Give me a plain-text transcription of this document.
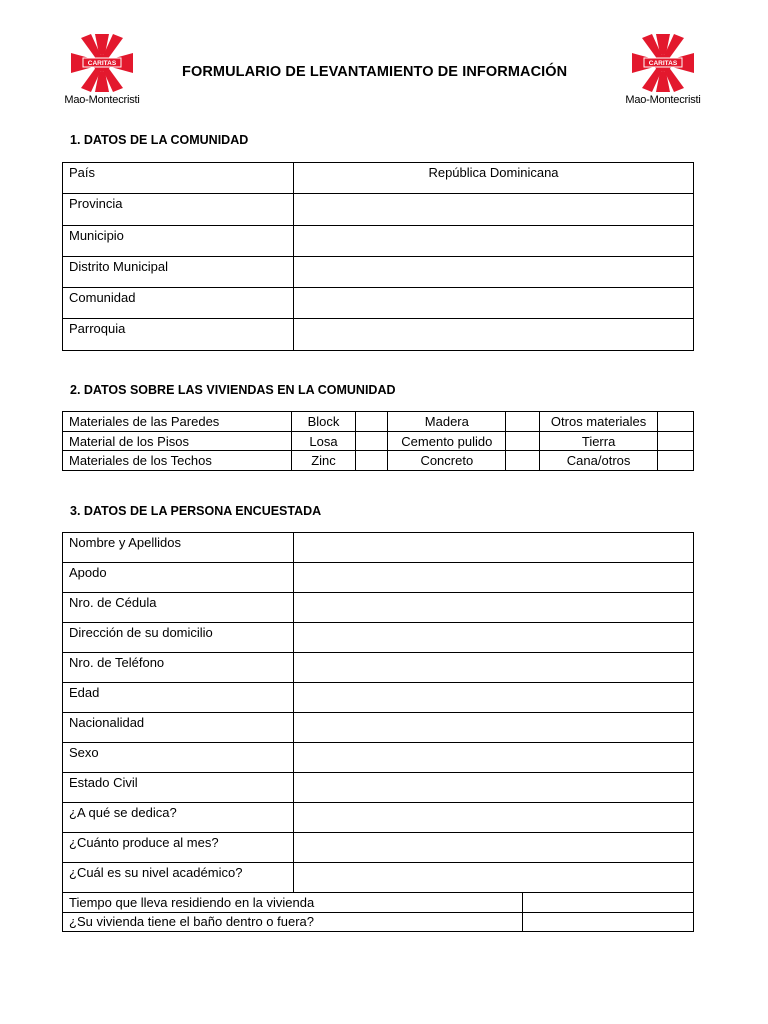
CARITAS
Mao-Montecristi
CARITAS
Mao-Montecristi
FORMULARIO DE LEVANTAMIENTO DE INFORMACIÓN
1. DATOS DE LA COMUNIDAD
País	República Dominicana
Provincia	
Municipio	
Distrito Municipal	
Comunidad	
Parroquia	
2. DATOS SOBRE LAS VIVIENDAS EN LA COMUNIDAD
Materiales de las Paredes	Block		Madera		Otros materiales	
Material de los Pisos	Losa		Cemento pulido		Tierra	
Materiales de los Techos	Zinc		Concreto		Cana/otros	
3. DATOS DE LA PERSONA ENCUESTADA
Nombre y Apellidos	
Apodo	
Nro. de Cédula	
Dirección de su domicilio	
Nro. de Teléfono	
Edad	
Nacionalidad	
Sexo	
Estado Civil	
¿A qué se dedica?	
¿Cuánto produce al mes?	
¿Cuál es su nivel académico?	
Tiempo que lleva residiendo en la vivienda	
¿Su vivienda tiene el baño dentro o fuera?	
